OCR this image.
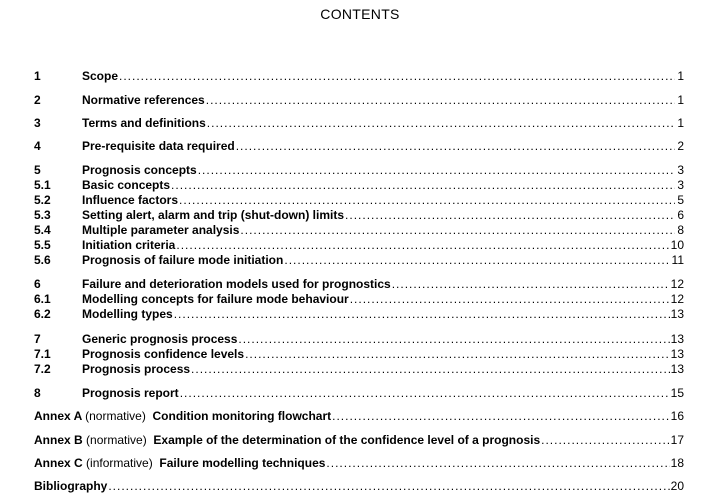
CONTENTS
1	Scope .....	1
2	Normative references .....	1
3	Terms and definitions .....	1
4	Pre-requisite data required .....	2
5	Prognosis concepts .....	3
5.1	Basic concepts .....	3
5.2	Influence factors .....	5
5.3	Setting alert, alarm and trip (shut-down) limits .....	6
5.4	Multiple parameter analysis .....	8
5.5	Initiation criteria .....	10
5.6	Prognosis of failure mode initiation .....	11
6	Failure and deterioration models used for prognostics .....	12
6.1	Modelling concepts for failure mode behaviour .....	12
6.2	Modelling types .....	13
7	Generic prognosis process .....	13
7.1	Prognosis confidence levels .....	13
7.2	Prognosis process .....	13
8	Prognosis report .....	15
Annex A (normative) Condition monitoring flowchart .....	16
Annex B (normative) Example of the determination of the confidence level of a prognosis .....	17
Annex C (informative) Failure modelling techniques .....	18
Bibliography .....	20
